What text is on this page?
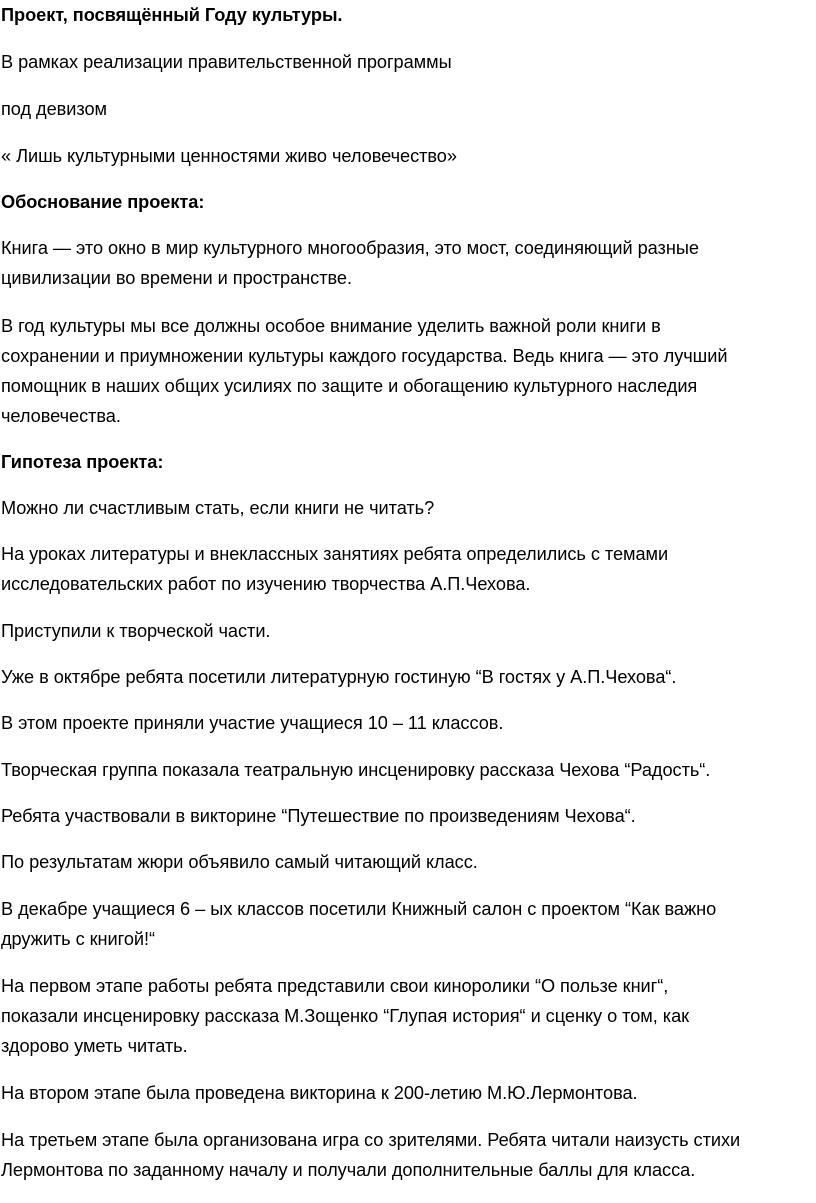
Проект, посвящённый Году культуры.
В рамках реализации правительственной программы
под девизом
« Лишь культурными ценностями живо человечество»
Обоснование проекта:
Книга — это окно в мир культурного многообразия, это мост, соединяющий разные
цивилизации во времени и пространстве.
В год культуры мы все должны особое внимание уделить важной роли книги в
сохранении и приумножении культуры каждого государства. Ведь книга — это лучший
помощник в наших общих усилиях по защите и обогащению культурного наследия
человечества.
Гипотеза проекта:
Можно ли счастливым стать, если книги не читать?
На уроках литературы и внеклассных занятиях ребята определились с темами
исследовательских работ по изучению творчества А.П.Чехова.
Приступили к творческой части.
Уже в октябре ребята посетили литературную гостиную “В гостях у А.П.Чехова“.
В этом проекте приняли участие учащиеся 10 – 11 классов.
Творческая группа показала театральную инсценировку рассказа Чехова “Радость“.
Ребята участвовали в викторине “Путешествие по произведениям Чехова“.
По результатам жюри объявило самый читающий класс.
В декабре учащиеся 6 – ых классов посетили Книжный салон с проектом “Как важно
дружить с книгой!“
На первом этапе работы ребята представили свои киноролики “О пользе книг“,
показали инсценировку рассказа М.Зощенко “Глупая история“ и сценку о том, как
здорово уметь читать.
На втором этапе была проведена викторина к 200-летию М.Ю.Лермонтова.
На третьем этапе была организована игра со зрителями. Ребята читали наизусть стихи
Лермонтова по заданному началу и получали дополнительные баллы для класса.
